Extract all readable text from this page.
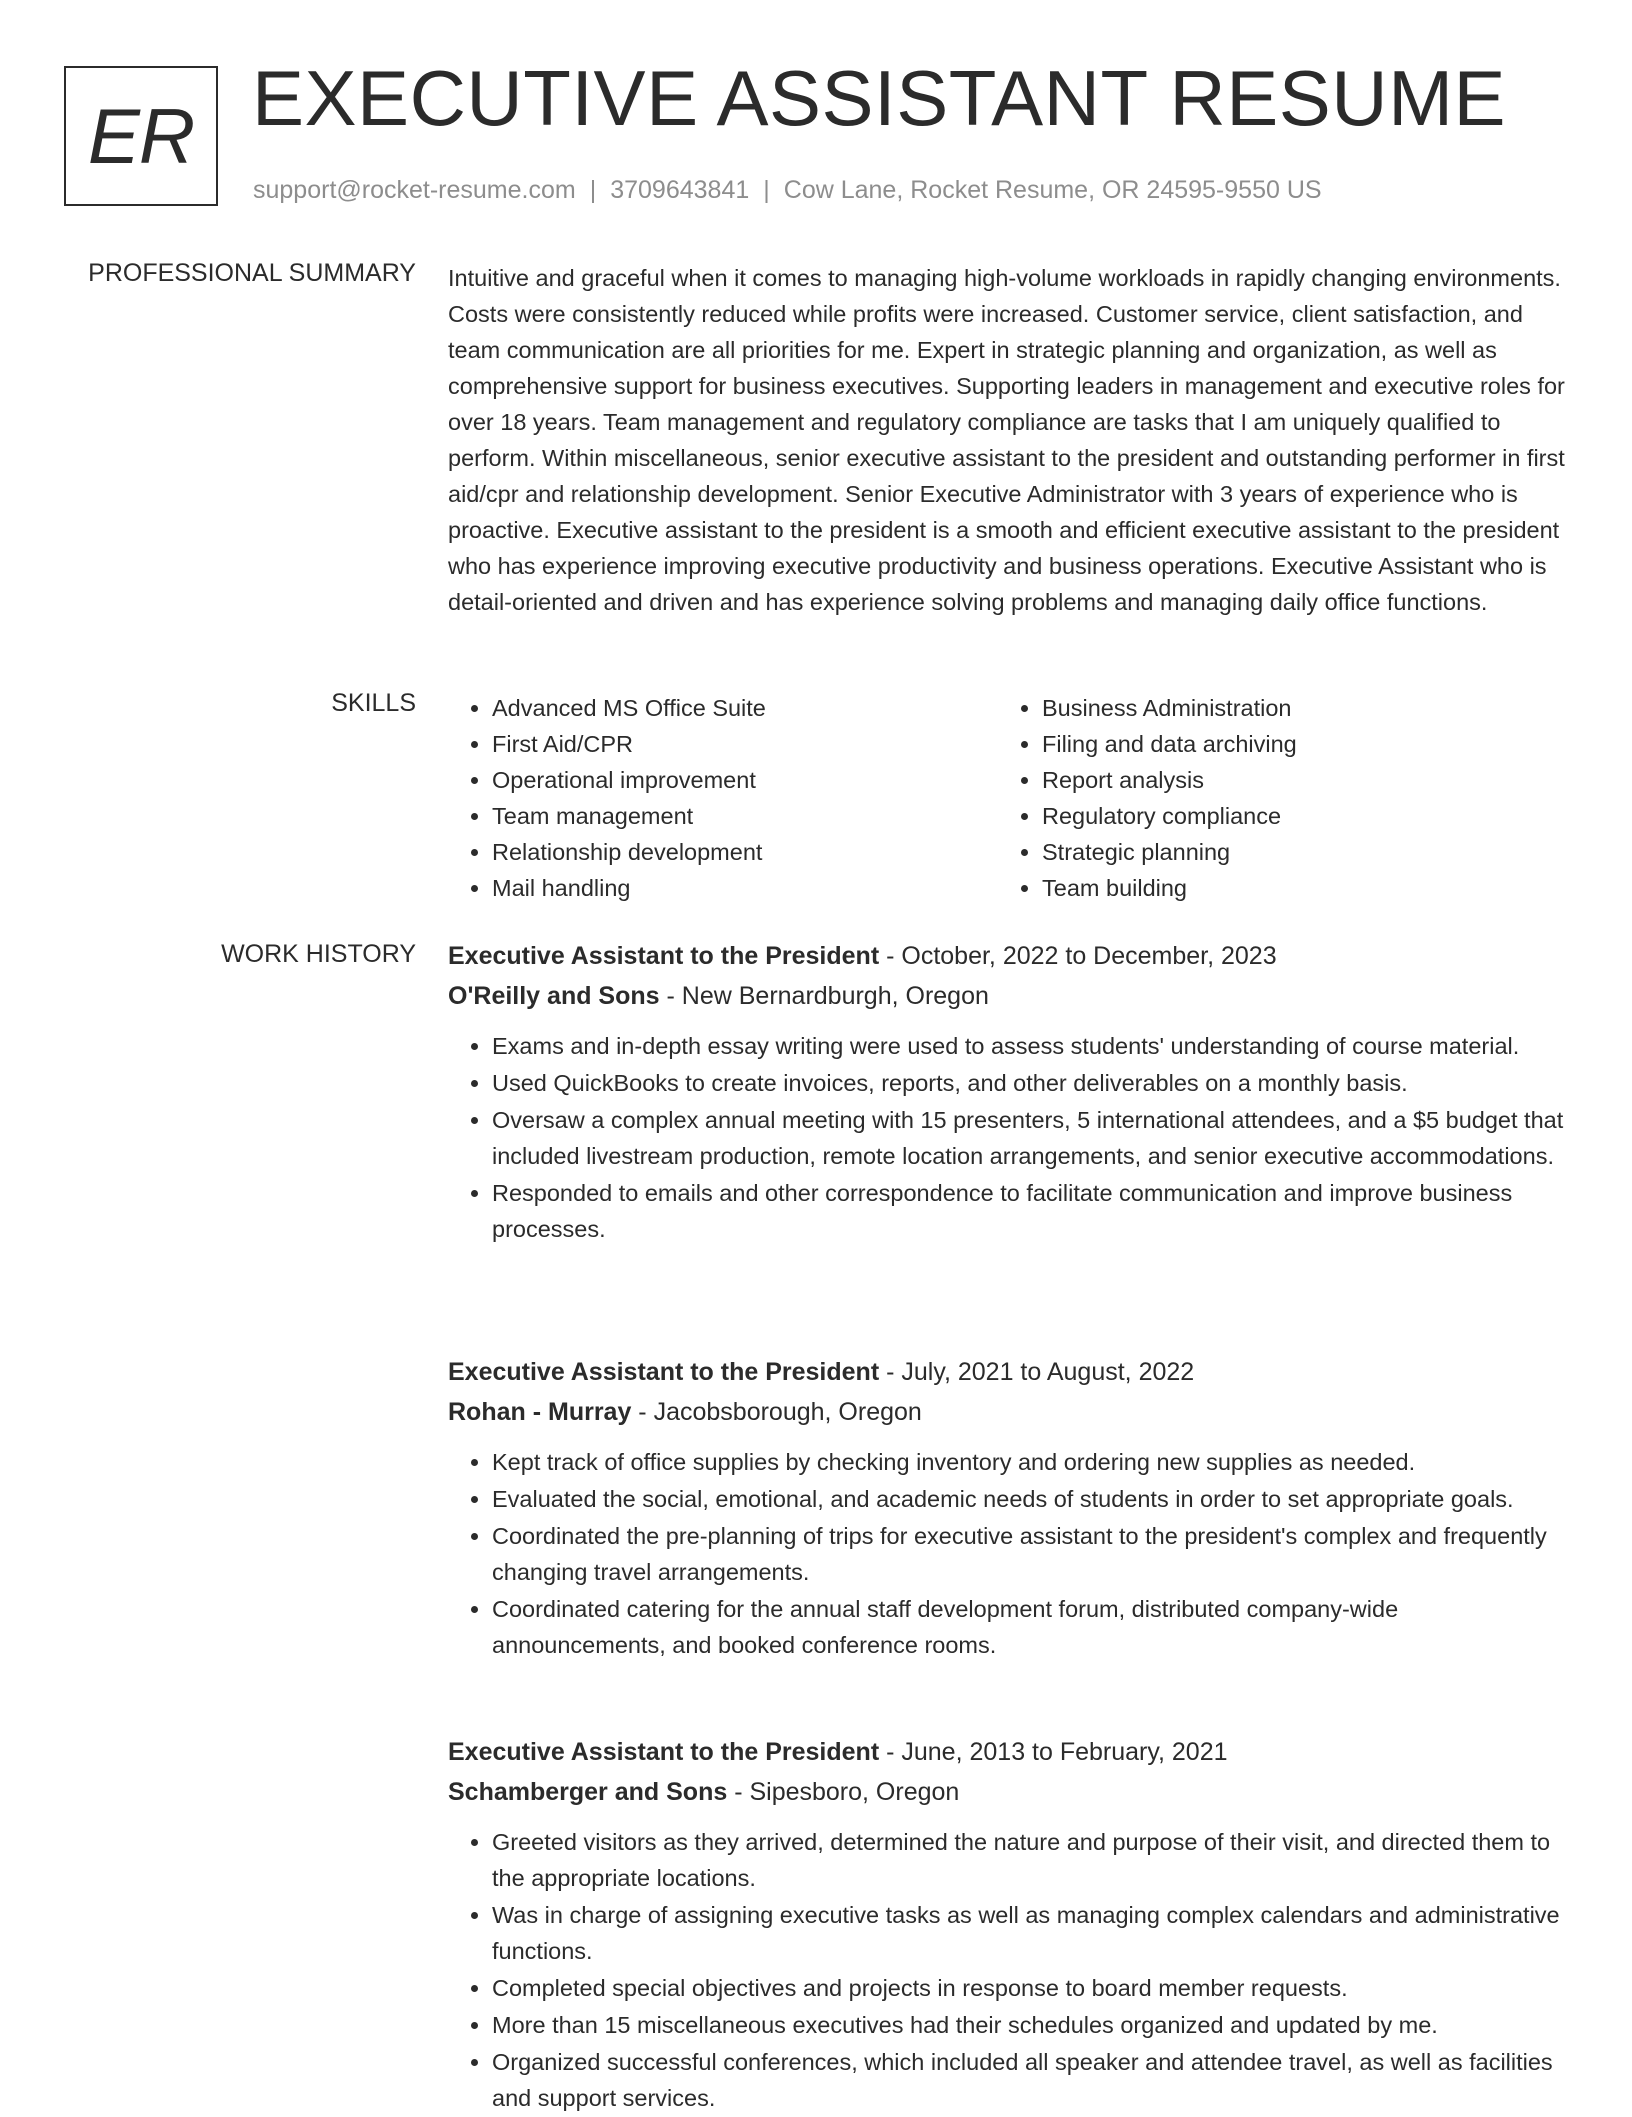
ER EXECUTIVE ASSISTANT RESUME
support@rocket-resume.com | 3709643841 | Cow Lane, Rocket Resume, OR 24595-9550 US
PROFESSIONAL SUMMARY Intuitive and graceful when it comes to managing high-volume workloads in rapidly changing environments. Costs were consistently reduced while profits were increased. Customer service, client satisfaction, and team communication are all priorities for me. Expert in strategic planning and organization, as well as comprehensive support for business executives. Supporting leaders in management and executive roles for over 18 years. Team management and regulatory compliance are tasks that I am uniquely qualified to perform. Within miscellaneous, senior executive assistant to the president and outstanding performer in first aid/cpr and relationship development. Senior Executive Administrator with 3 years of experience who is proactive. Executive assistant to the president is a smooth and efficient executive assistant to the president who has experience improving executive productivity and business operations. Executive Assistant who is detail-oriented and driven and has experience solving problems and managing daily office functions.
SKILLS
•	Advanced MS Office Suite
• First Aid/CPR
• Operational improvement
• Team management
• Relationship development
• Mail handling
• Business Administration
• Filing and data archiving
• Report analysis
• Regulatory compliance
• Strategic planning
• Team building
WORK HISTORY Executive Assistant to the President - October, 2022 to December, 2023
O'Reilly and Sons - New Bernardburgh, Oregon
• Exams and in-depth essay writing were used to assess students' understanding of course material.
• Used QuickBooks to create invoices, reports, and other deliverables on a monthly basis.
• Oversaw a complex annual meeting with 15 presenters, 5 international attendees, and a $5 budget that included livestream production, remote location arrangements, and senior executive accommodations.
• Responded to emails and other correspondence to facilitate communication and improve business processes.
Executive Assistant to the President - July, 2021 to August, 2022
Rohan - Murray - Jacobsborough, Oregon
• Kept track of office supplies by checking inventory and ordering new supplies as needed.
• Evaluated the social, emotional, and academic needs of students in order to set appropriate goals.
• Coordinated the pre-planning of trips for executive assistant to the president's complex and frequently changing travel arrangements.
• Coordinated catering for the annual staff development forum, distributed company-wide announcements, and booked conference rooms.
Executive Assistant to the President - June, 2013 to February, 2021
Schamberger and Sons - Sipesboro, Oregon
• Greeted visitors as they arrived, determined the nature and purpose of their visit, and directed them to the appropriate locations.
• Was in charge of assigning executive tasks as well as managing complex calendars and administrative functions.
• Completed special objectives and projects in response to board member requests.
• More than 15 miscellaneous executives had their schedules organized and updated by me.
• Organized successful conferences, which included all speaker and attendee travel, as well as facilities and support services.
